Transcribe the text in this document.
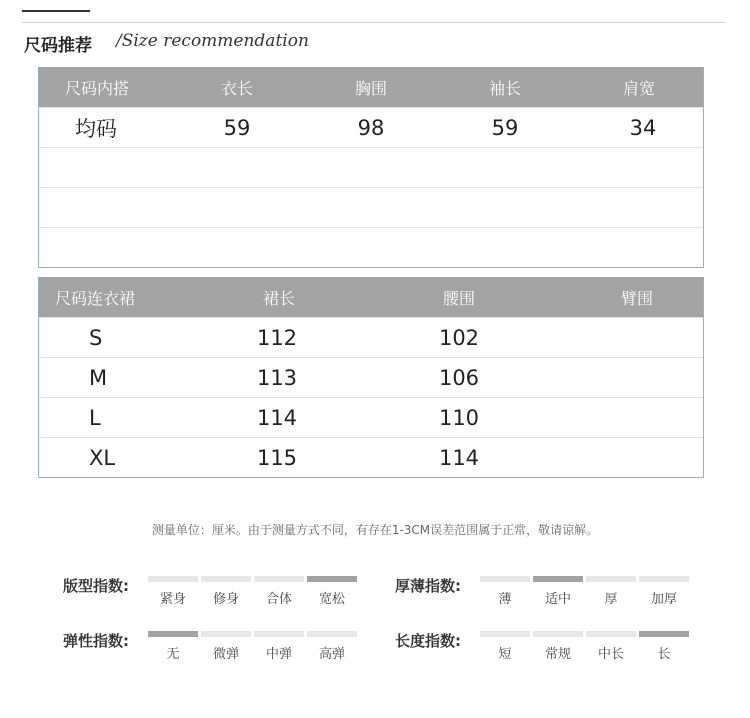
尺码推荐 /Size recommendation
尺码内搭	衣长	胸围	袖长	肩宽
均码	59	98	59	34
尺码连衣裙	裙长	腰围	臂围
S	112	102
M	113	106
L	114	110
XL	115	114
测量单位：厘米。由于测量方式不同，有存在1-3CM误差范围属于正常，敬请谅解。
版型指数:
紧身	修身	合体	宽松
厚薄指数:
薄	适中	厚	加厚
弹性指数:
无	微弹	中弹	高弹
长度指数:
短	常规	中长	长
